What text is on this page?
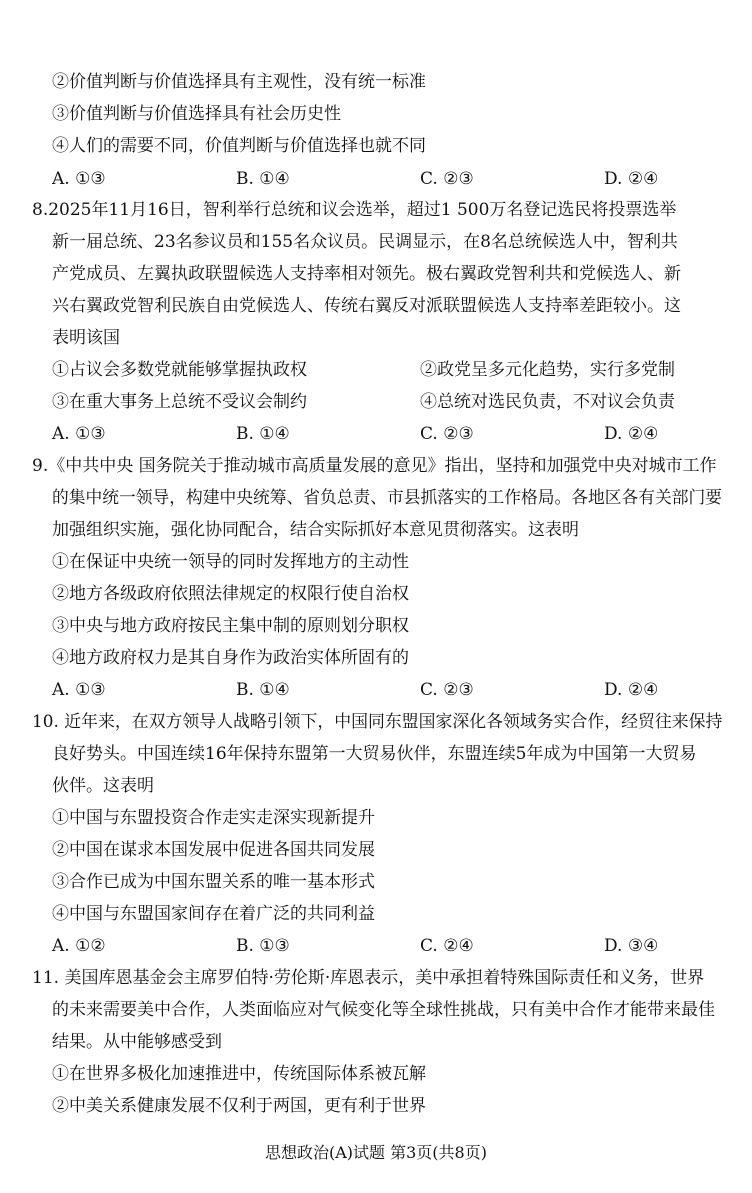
②价值判断与价值选择具有主观性，没有统一标准
③价值判断与价值选择具有社会历史性
④人们的需要不同，价值判断与价值选择也就不同
A. ①③	B. ①④	C. ②③	D. ②④
8.2025年11月16日，智利举行总统和议会选举，超过1 500万名登记选民将投票选举
新一届总统、23名参议员和155名众议员。民调显示，在8名总统候选人中，智利共
产党成员、左翼执政联盟候选人支持率相对领先。极右翼政党智利共和党候选人、新
兴右翼政党智利民族自由党候选人、传统右翼反对派联盟候选人支持率差距较小。这
表明该国
①占议会多数党就能够掌握执政权	②政党呈多元化趋势，实行多党制
③在重大事务上总统不受议会制约	④总统对选民负责，不对议会负责
A. ①③	B. ①④	C. ②③	D. ②④
9.《中共中央 国务院关于推动城市高质量发展的意见》指出，坚持和加强党中央对城市工作
的集中统一领导，构建中央统筹、省负总责、市县抓落实的工作格局。各地区各有关部门要
加强组织实施，强化协同配合，结合实际抓好本意见贯彻落实。这表明
①在保证中央统一领导的同时发挥地方的主动性
②地方各级政府依照法律规定的权限行使自治权
③中央与地方政府按民主集中制的原则划分职权
④地方政府权力是其自身作为政治实体所固有的
A. ①③	B. ①④	C. ②③	D. ②④
10. 近年来，在双方领导人战略引领下，中国同东盟国家深化各领域务实合作，经贸往来保持
良好势头。中国连续16年保持东盟第一大贸易伙伴，东盟连续5年成为中国第一大贸易
伙伴。这表明
①中国与东盟投资合作走实走深实现新提升
②中国在谋求本国发展中促进各国共同发展
③合作已成为中国东盟关系的唯一基本形式
④中国与东盟国家间存在着广泛的共同利益
A. ①②	B. ①③	C. ②④	D. ③④
11. 美国库恩基金会主席罗伯特·劳伦斯·库恩表示，美中承担着特殊国际责任和义务，世界
的未来需要美中合作，人类面临应对气候变化等全球性挑战，只有美中合作才能带来最佳
结果。从中能够感受到
①在世界多极化加速推进中，传统国际体系被瓦解
②中美关系健康发展不仅利于两国，更有利于世界
思想政治(A)试题 第3页(共8页)
